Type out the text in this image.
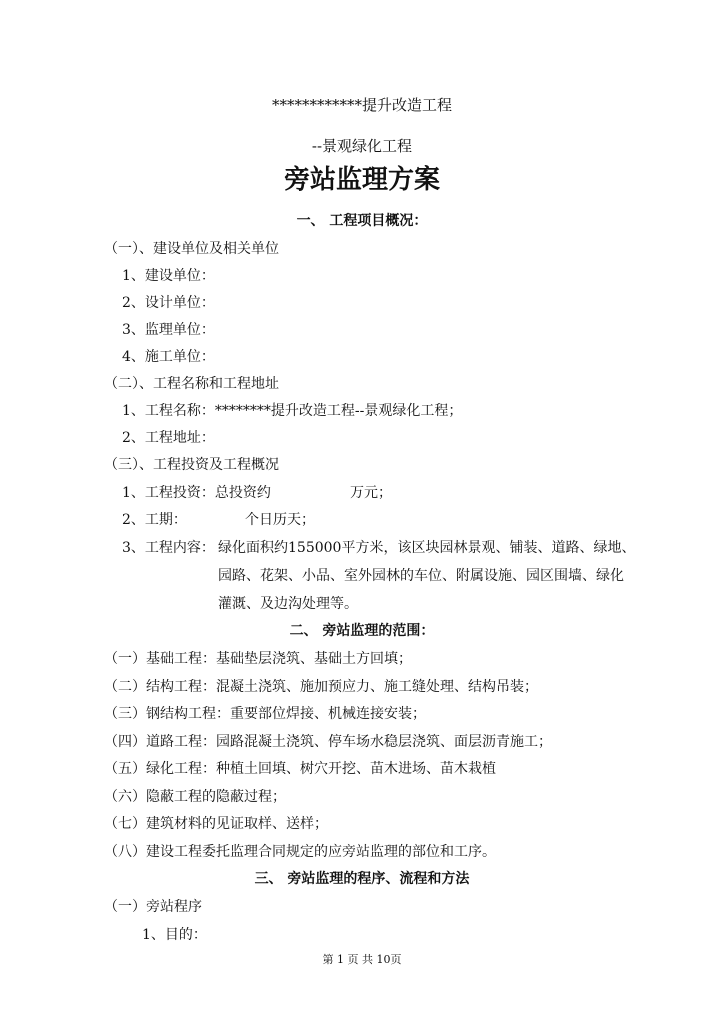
************提升改造工程
--景观绿化工程
旁站监理方案
一、 工程项目概况：
（一）、建设单位及相关单位
1、建设单位：
2、设计单位：
3、监理单位：
4、施工单位：
（二）、工程名称和工程地址
1、工程名称：********提升改造工程--景观绿化工程；
2、工程地址：
（三）、工程投资及工程概况
1、工程投资：总投资约	万元；
2、工期：	个日历天；
3、工程内容： 绿化面积约155000平方米，该区块园林景观、铺装、道路、绿地、
园路、花架、小品、室外园林的车位、附属设施、园区围墙、绿化
灌溉、及边沟处理等。
二、 旁站监理的范围：
（一）基础工程：基础垫层浇筑、基础土方回填；
（二）结构工程：混凝土浇筑、施加预应力、施工缝处理、结构吊装；
（三）钢结构工程：重要部位焊接、机械连接安装；
（四）道路工程：园路混凝土浇筑、停车场水稳层浇筑、面层沥青施工；
（五）绿化工程：种植土回填、树穴开挖、苗木进场、苗木栽植
（六）隐蔽工程的隐蔽过程；
（七）建筑材料的见证取样、送样；
（八）建设工程委托监理合同规定的应旁站监理的部位和工序。
三、 旁站监理的程序、流程和方法
（一）旁站程序
1、目的：
第 1 页 共 10页
